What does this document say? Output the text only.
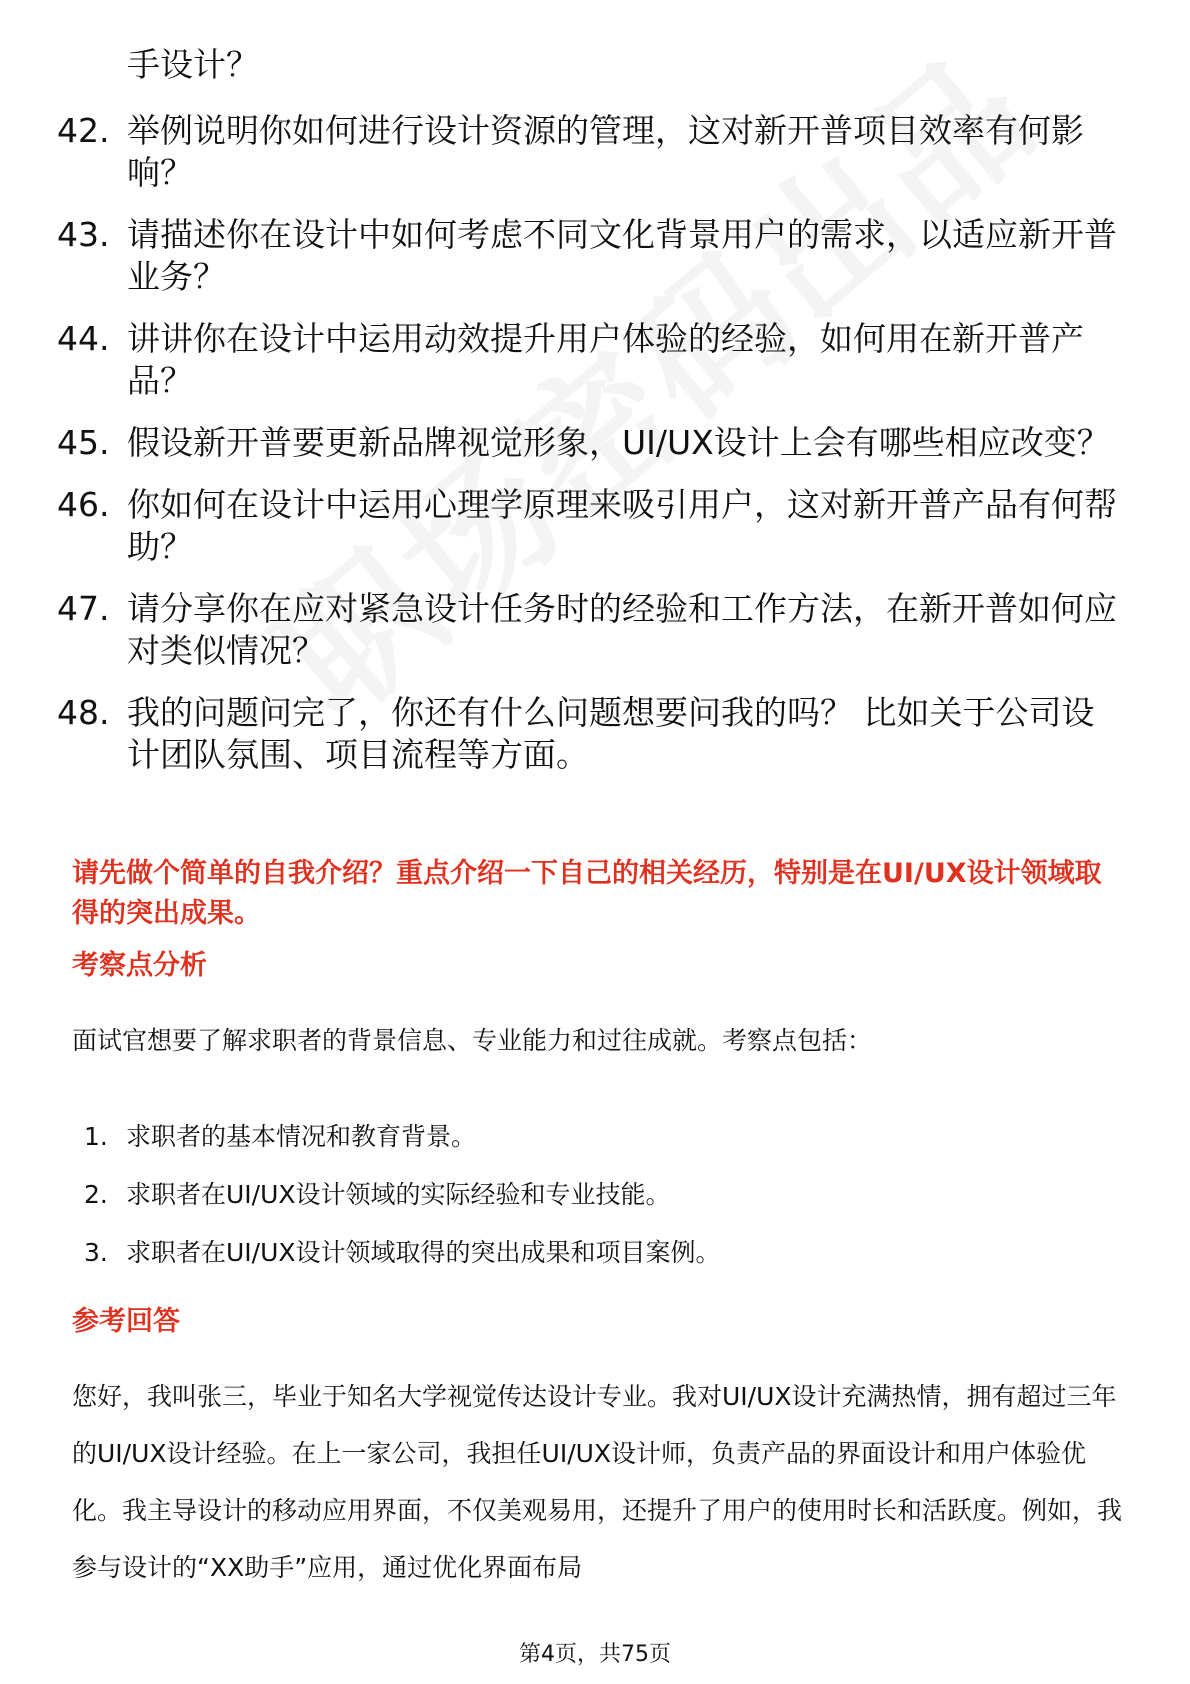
手设计？

42. 举例说明你如何进行设计资源的管理，这对新开普项目效率有何影响？
43. 请描述你在设计中如何考虑不同文化背景用户的需求，以适应新开普业务？
44. 讲讲你在设计中运用动效提升用户体验的经验，如何用在新开普产品？
45. 假设新开普要更新品牌视觉形象，UI/UX设计上会有哪些相应改变？
46. 你如何在设计中运用心理学原理来吸引用户，这对新开普产品有何帮助？
47. 请分享你在应对紧急设计任务时的经验和工作方法，在新开普如何应对类似情况？
48. 我的问题问完了，你还有什么问题想要问我的吗？ 比如关于公司设计团队氛围、项目流程等方面。

请先做个简单的自我介绍？重点介绍一下自己的相关经历，特别是在UI/UX设计领域取得的突出成果。

考察点分析

面试官想要了解求职者的背景信息、专业能力和过往成就。考察点包括：

1. 求职者的基本情况和教育背景。
2. 求职者在UI/UX设计领域的实际经验和专业技能。
3. 求职者在UI/UX设计领域取得的突出成果和项目案例。
参考回答

您好，我叫张三，毕业于知名大学视觉传达设计专业。我对UI/UX设计充满热情，拥有超过三年的UI/UX设计经验。在上一家公司，我担任UI/UX设计师，负责产品的界面设计和用户体验优化。我主导设计的移动应用界面，不仅美观易用，还提升了用户的使用时长和活跃度。例如，我参与设计的“XX助手”应用，通过优化界面布局

第4页，共75页
